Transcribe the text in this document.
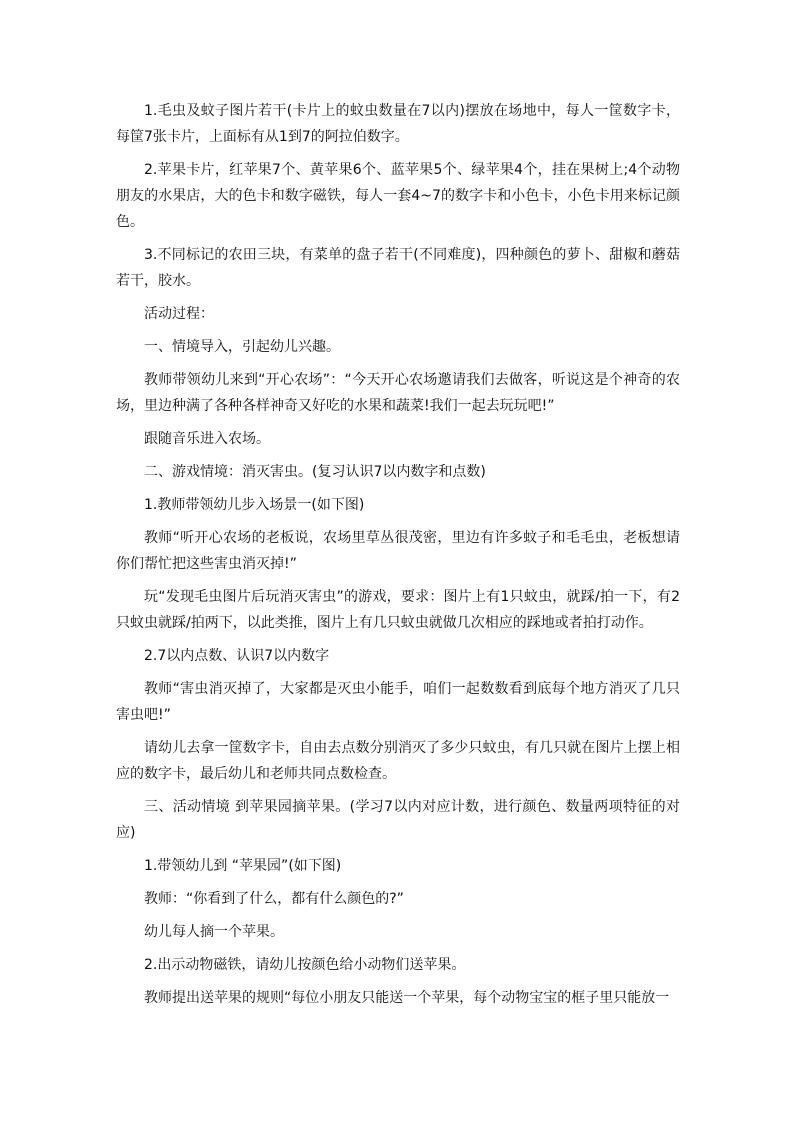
1.毛虫及蚊子图片若干(卡片上的蚊虫数量在7以内)摆放在场地中，每人一筐数字卡，每筐7张卡片，上面标有从1到7的阿拉伯数字。

2.苹果卡片，红苹果7个、黄苹果6个、蓝苹果5个、绿苹果4个，挂在果树上;4个动物朋友的水果店，大的色卡和数字磁铁，每人一套4~7的数字卡和小色卡，小色卡用来标记颜色。

3.不同标记的农田三块，有菜单的盘子若干(不同难度)，四种颜色的萝卜、甜椒和蘑菇若干，胶水。

活动过程：

一、情境导入，引起幼儿兴趣。

教师带领幼儿来到“开心农场”：“今天开心农场邀请我们去做客，听说这是个神奇的农场，里边种满了各种各样神奇又好吃的水果和蔬菜!我们一起去玩玩吧!”

跟随音乐进入农场。

二、游戏情境：消灭害虫。(复习认识7以内数字和点数)

1.教师带领幼儿步入场景一(如下图)

教师“听开心农场的老板说，农场里草丛很茂密，里边有许多蚊子和毛毛虫，老板想请你们帮忙把这些害虫消灭掉!”

玩“发现毛虫图片后玩消灭害虫”的游戏，要求：图片上有1只蚊虫，就踩/拍一下，有2只蚊虫就踩/拍两下，以此类推，图片上有几只蚊虫就做几次相应的踩地或者拍打动作。

2.7以内点数、认识7以内数字

教师“害虫消灭掉了，大家都是灭虫小能手，咱们一起数数看到底每个地方消灭了几只害虫吧!”

请幼儿去拿一筐数字卡，自由去点数分别消灭了多少只蚊虫，有几只就在图片上摆上相应的数字卡，最后幼儿和老师共同点数检查。

三、活动情境 到苹果园摘苹果。(学习7以内对应计数，进行颜色、数量两项特征的对应)

1.带领幼儿到 “苹果园”(如下图)

教师：“你看到了什么，都有什么颜色的?”

幼儿每人摘一个苹果。

2.出示动物磁铁，请幼儿按颜色给小动物们送苹果。

教师提出送苹果的规则“每位小朋友只能送一个苹果，每个动物宝宝的框子里只能放一
